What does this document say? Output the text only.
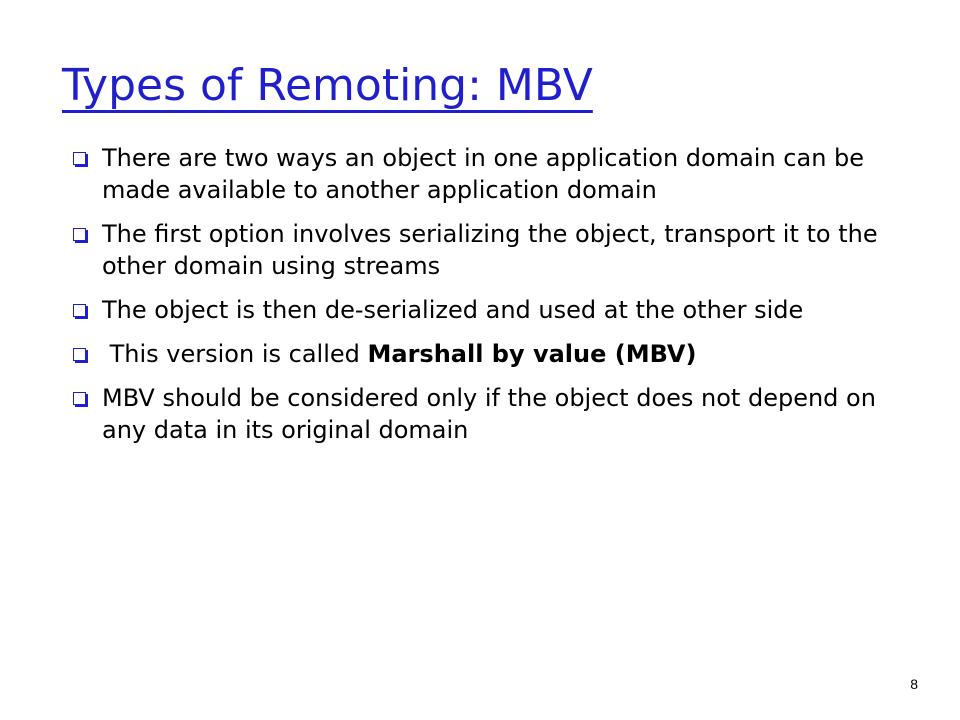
Types of Remoting: MBV
There are two ways an object in one application domain can be made available to another application domain
The first option involves serializing the object, transport it to the other domain using streams
The object is then de-serialized and used at the other side
This version is called Marshall by value (MBV)
MBV should be considered only if the object does not depend on any data in its original domain
8
